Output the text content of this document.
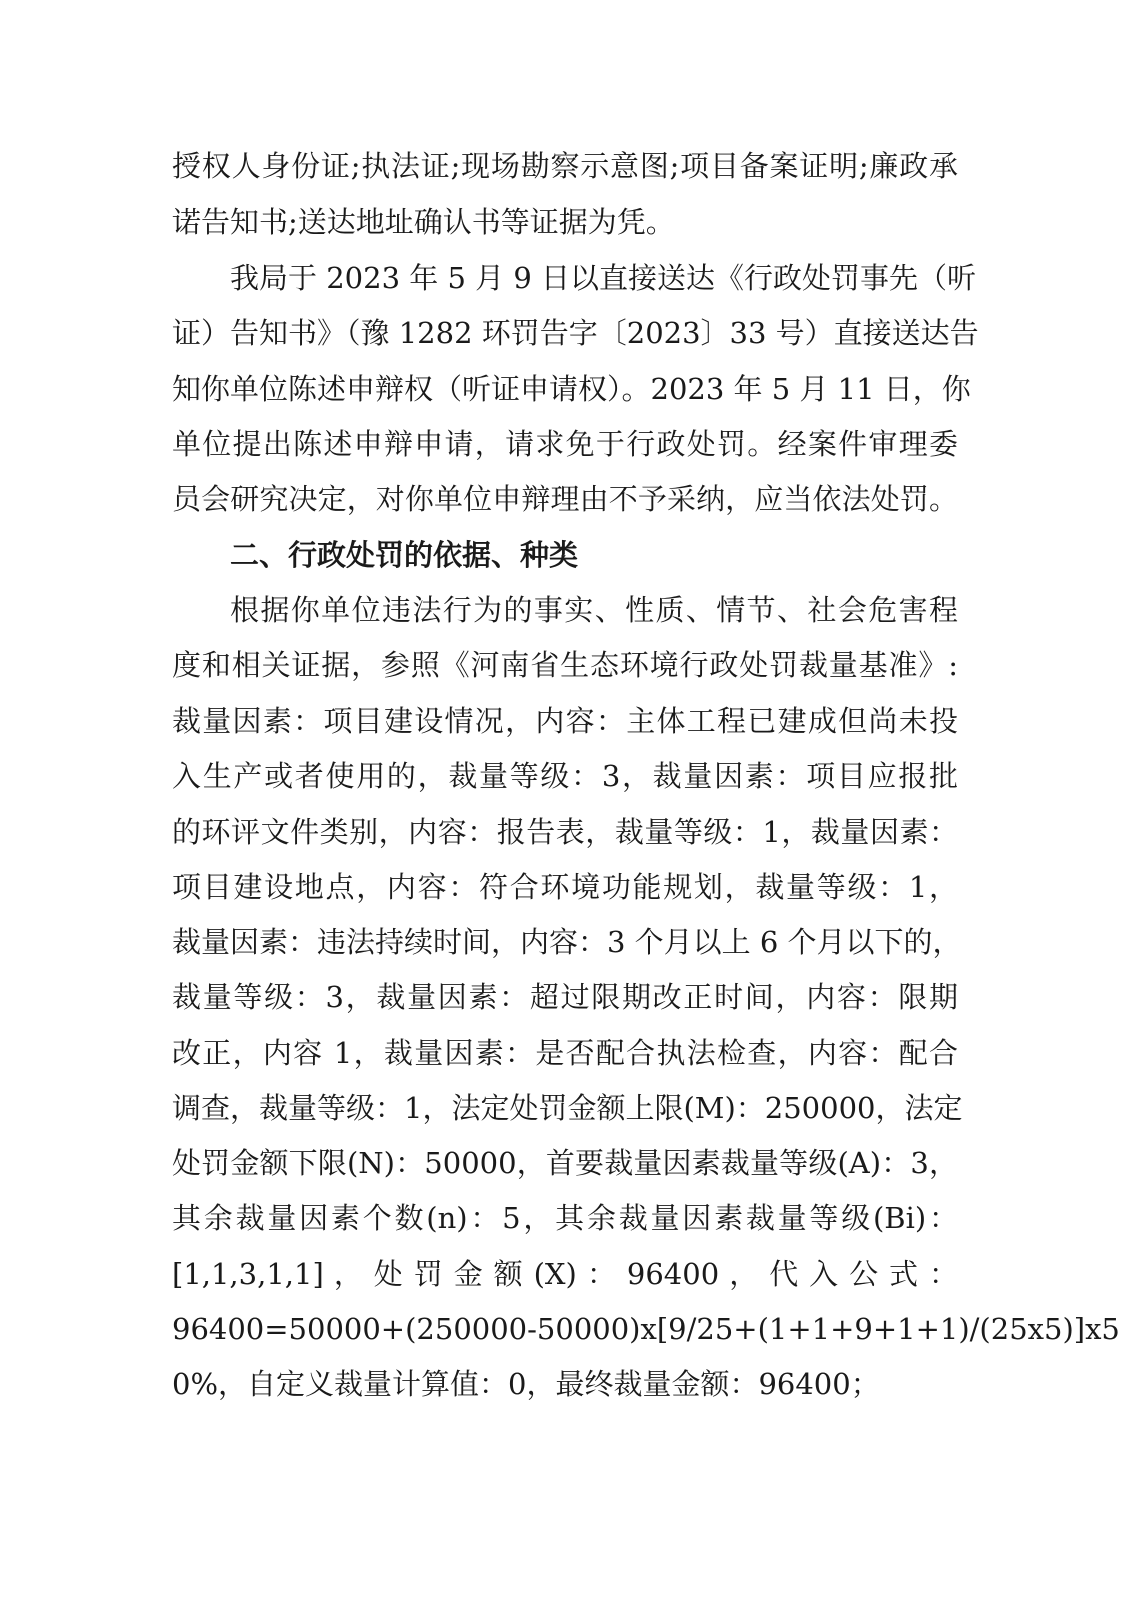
授权人身份证;执法证;现场勘察示意图;项目备案证明;廉政承
诺告知书;送达地址确认书等证据为凭。
我局于 2023 年 5 月 9 日以直接送达《行政处罚事先（听
证）告知书》（豫 1282 环罚告字〔2023〕33 号）直接送达告
知你单位陈述申辩权（听证申请权）。2023 年 5 月 11 日，你
单位提出陈述申辩申请，请求免于行政处罚。经案件审理委
员会研究决定，对你单位申辩理由不予采纳，应当依法处罚。
二、行政处罚的依据、种类
根据你单位违法行为的事实、性质、情节、社会危害程
度和相关证据，参照《河南省生态环境行政处罚裁量基准》:
裁量因素：项目建设情况，内容：主体工程已建成但尚未投
入生产或者使用的，裁量等级：3，裁量因素：项目应报批
的环评文件类别，内容：报告表，裁量等级：1，裁量因素：
项目建设地点，内容：符合环境功能规划，裁量等级：1，
裁量因素：违法持续时间，内容：3 个月以上 6 个月以下的，
裁量等级：3，裁量因素：超过限期改正时间，内容：限期
改正，内容 1，裁量因素：是否配合执法检查，内容：配合
调查，裁量等级：1，法定处罚金额上限(M)：250000，法定
处罚金额下限(N)：50000，首要裁量因素裁量等级(A)：3，
其余裁量因素个数(n)：5，其余裁量因素裁量等级(Bi)：
[1,1,3,1,1] ， 处 罚 金 额 (X) ： 96400 ， 代 入 公 式 ：
96400=50000+(250000-50000)x[9/25+(1+1+9+1+1)/(25x5)]x5
0%，自定义裁量计算值：0，最终裁量金额：96400；
